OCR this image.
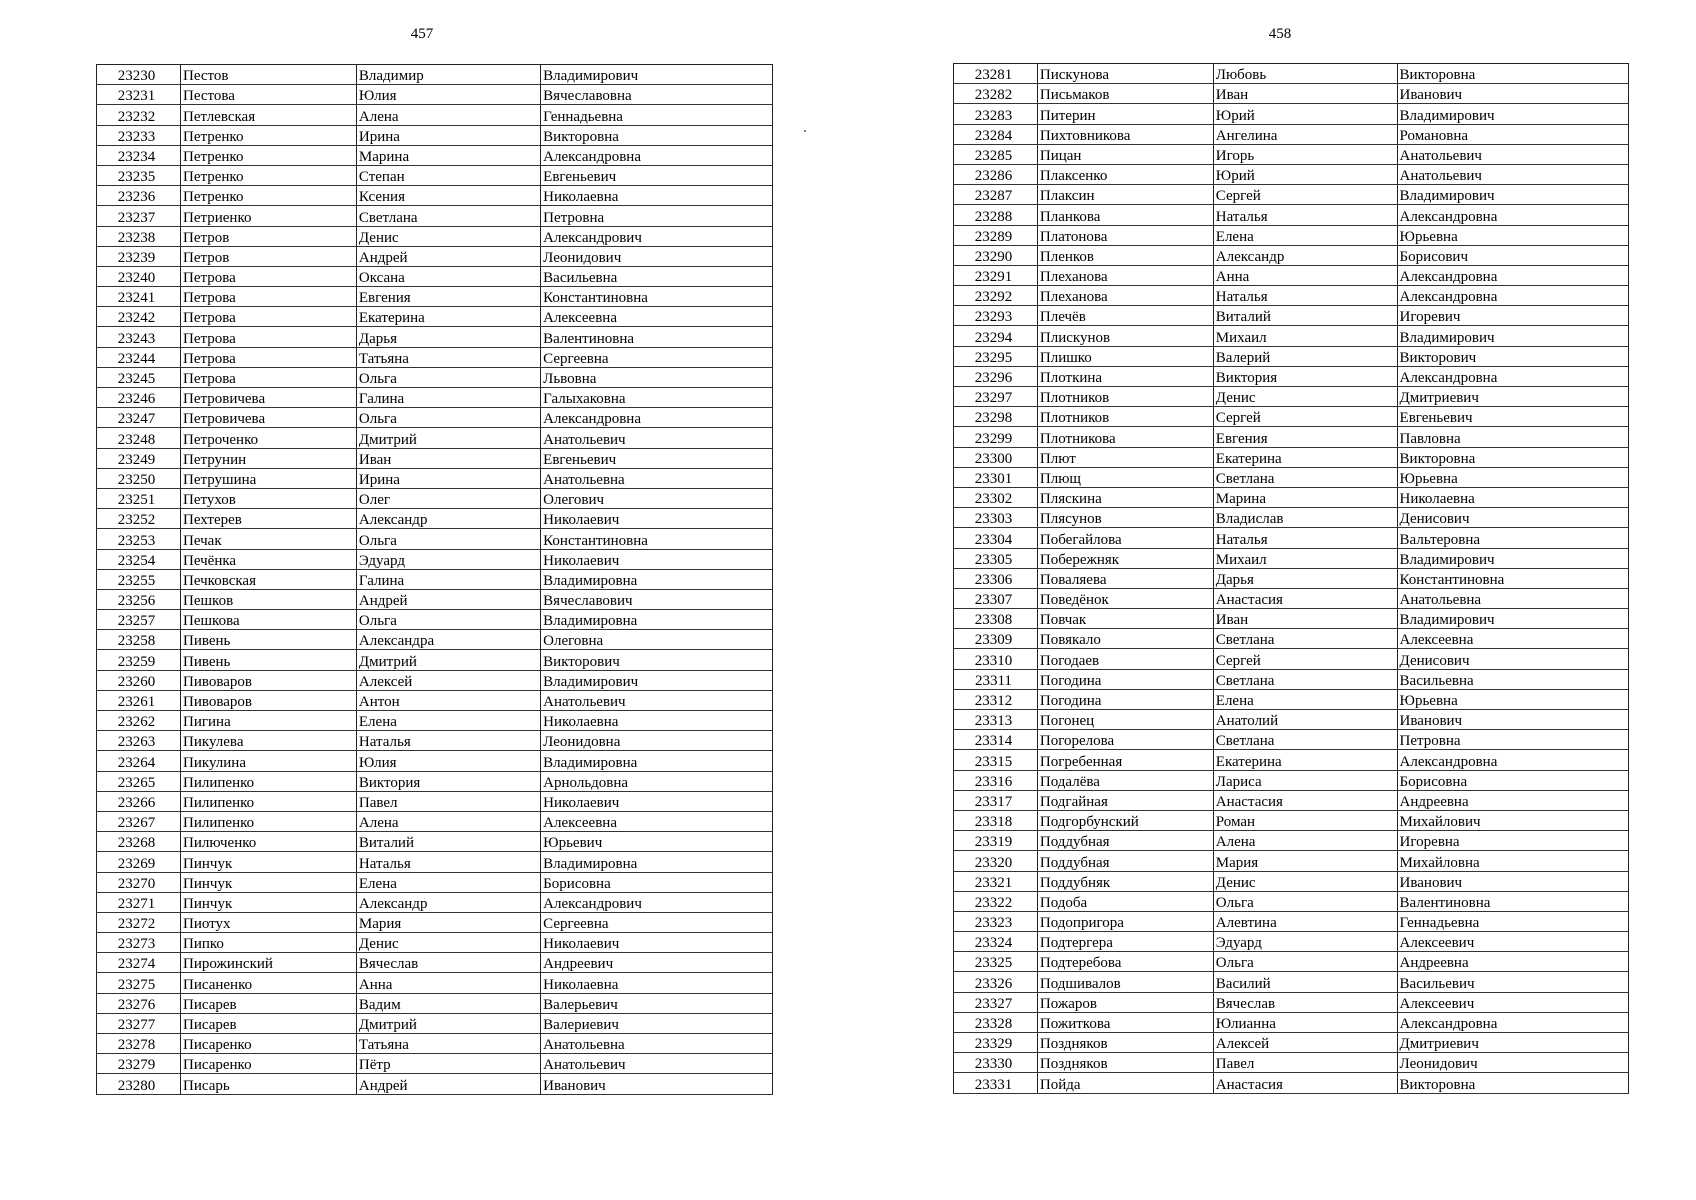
457	458
23230	Пестов	Владимир	Владимирович
23231	Пестова	Юлия	Вячеславовна
23232	Петлевская	Алена	Геннадьевна
23233	Петренко	Ирина	Викторовна
23234	Петренко	Марина	Александровна
23235	Петренко	Степан	Евгеньевич
23236	Петренко	Ксения	Николаевна
23237	Петриенко	Светлана	Петровна
23238	Петров	Денис	Александрович
23239	Петров	Андрей	Леонидович
23240	Петрова	Оксана	Васильевна
23241	Петрова	Евгения	Константиновна
23242	Петрова	Екатерина	Алексеевна
23243	Петрова	Дарья	Валентиновна
23244	Петрова	Татьяна	Сергеевна
23245	Петрова	Ольга	Львовна
23246	Петровичева	Галина	Галыхаковна
23247	Петровичева	Ольга	Александровна
23248	Петроченко	Дмитрий	Анатольевич
23249	Петрунин	Иван	Евгеньевич
23250	Петрушина	Ирина	Анатольевна
23251	Петухов	Олег	Олегович
23252	Пехтерев	Александр	Николаевич
23253	Печак	Ольга	Константиновна
23254	Печёнка	Эдуард	Николаевич
23255	Печковская	Галина	Владимировна
23256	Пешков	Андрей	Вячеславович
23257	Пешкова	Ольга	Владимировна
23258	Пивень	Александра	Олеговна
23259	Пивень	Дмитрий	Викторович
23260	Пивоваров	Алексей	Владимирович
23261	Пивоваров	Антон	Анатольевич
23262	Пигина	Елена	Николаевна
23263	Пикулева	Наталья	Леонидовна
23264	Пикулина	Юлия	Владимировна
23265	Пилипенко	Виктория	Арнольдовна
23266	Пилипенко	Павел	Николаевич
23267	Пилипенко	Алена	Алексеевна
23268	Пилюченко	Виталий	Юрьевич
23269	Пинчук	Наталья	Владимировна
23270	Пинчук	Елена	Борисовна
23271	Пинчук	Александр	Александрович
23272	Пиотух	Мария	Сергеевна
23273	Пипко	Денис	Николаевич
23274	Пирожинский	Вячеслав	Андреевич
23275	Писаненко	Анна	Николаевна
23276	Писарев	Вадим	Валерьевич
23277	Писарев	Дмитрий	Валериевич
23278	Писаренко	Татьяна	Анатольевна
23279	Писаренко	Пётр	Анатольевич
23280	Писарь	Андрей	Иванович
23281	Пискунова	Любовь	Викторовна
23282	Письмаков	Иван	Иванович
23283	Питерин	Юрий	Владимирович
23284	Пихтовникова	Ангелина	Романовна
23285	Пицан	Игорь	Анатольевич
23286	Плаксенко	Юрий	Анатольевич
23287	Плаксин	Сергей	Владимирович
23288	Планкова	Наталья	Александровна
23289	Платонова	Елена	Юрьевна
23290	Пленков	Александр	Борисович
23291	Плеханова	Анна	Александровна
23292	Плеханова	Наталья	Александровна
23293	Плечёв	Виталий	Игоревич
23294	Плискунов	Михаил	Владимирович
23295	Плишко	Валерий	Викторович
23296	Плоткина	Виктория	Александровна
23297	Плотников	Денис	Дмитриевич
23298	Плотников	Сергей	Евгеньевич
23299	Плотникова	Евгения	Павловна
23300	Плют	Екатерина	Викторовна
23301	Плющ	Светлана	Юрьевна
23302	Пляскина	Марина	Николаевна
23303	Плясунов	Владислав	Денисович
23304	Побегайлова	Наталья	Вальтеровна
23305	Побережняк	Михаил	Владимирович
23306	Поваляева	Дарья	Константиновна
23307	Поведёнок	Анастасия	Анатольевна
23308	Повчак	Иван	Владимирович
23309	Повякало	Светлана	Алексеевна
23310	Погодаев	Сергей	Денисович
23311	Погодина	Светлана	Васильевна
23312	Погодина	Елена	Юрьевна
23313	Погонец	Анатолий	Иванович
23314	Погорелова	Светлана	Петровна
23315	Погребенная	Екатерина	Александровна
23316	Подалёва	Лариса	Борисовна
23317	Подгайная	Анастасия	Андреевна
23318	Подгорбунский	Роман	Михайлович
23319	Поддубная	Алена	Игоревна
23320	Поддубная	Мария	Михайловна
23321	Поддубняк	Денис	Иванович
23322	Подоба	Ольга	Валентиновна
23323	Подопригора	Алевтина	Геннадьевна
23324	Подтергера	Эдуард	Алексеевич
23325	Подтеребова	Ольга	Андреевна
23326	Подшивалов	Василий	Васильевич
23327	Пожаров	Вячеслав	Алексеевич
23328	Пожиткова	Юлианна	Александровна
23329	Поздняков	Алексей	Дмитриевич
23330	Поздняков	Павел	Леонидович
23331	Пойда	Анастасия	Викторовна
